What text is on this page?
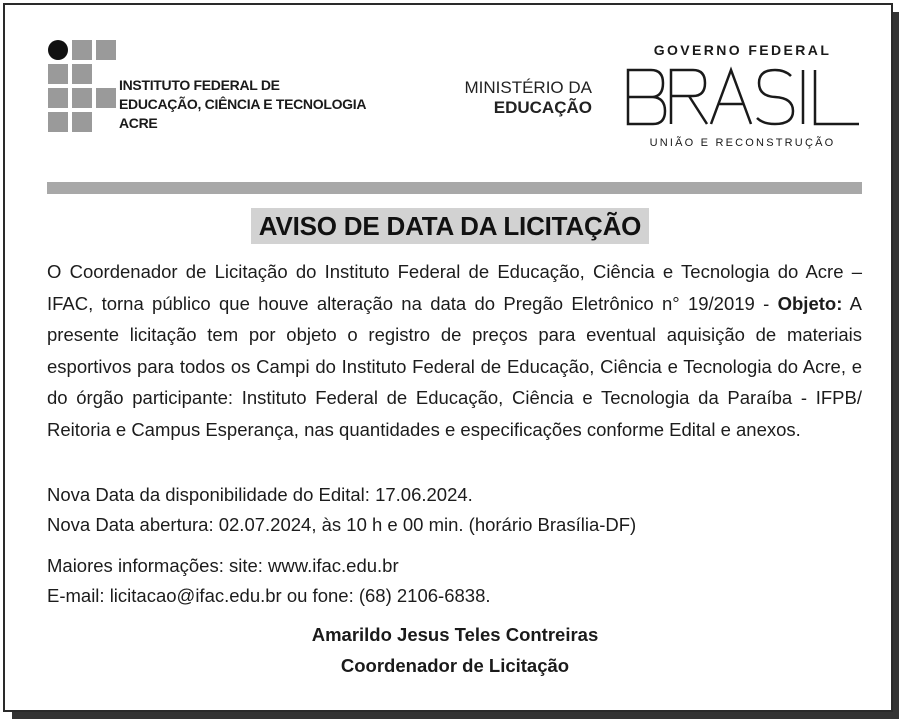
INSTITUTO FEDERAL DE
EDUCAÇÃO, CIÊNCIA E TECNOLOGIA
ACRE
MINISTÉRIO DA
EDUCAÇÃO
GOVERNO FEDERAL
UNIÃO E RECONSTRUÇÃO
AVISO DE DATA DA LICITAÇÃO
O Coordenador de Licitação do Instituto Federal de Educação, Ciência e Tecnologia do Acre – IFAC, torna público que houve alteração na data do Pregão Eletrônico n° 19/2019 - Objeto: A presente licitação tem por objeto o registro de preços para eventual aquisição de materiais esportivos para todos os Campi do Instituto Federal de Educação, Ciência e Tecnologia do Acre, e do órgão participante: Instituto Federal de Educação, Ciência e Tecnologia da Paraíba - IFPB/ Reitoria e Campus Esperança, nas quantidades e especificações conforme Edital e anexos.
Nova Data da disponibilidade do Edital: 17.06.2024.
Nova Data abertura: 02.07.2024, às 10 h e 00 min. (horário Brasília-DF)
Maiores informações: site: www.ifac.edu.br
E-mail: licitacao@ifac.edu.br ou fone: (68) 2106-6838.
Amarildo Jesus Teles Contreiras
Coordenador de Licitação
